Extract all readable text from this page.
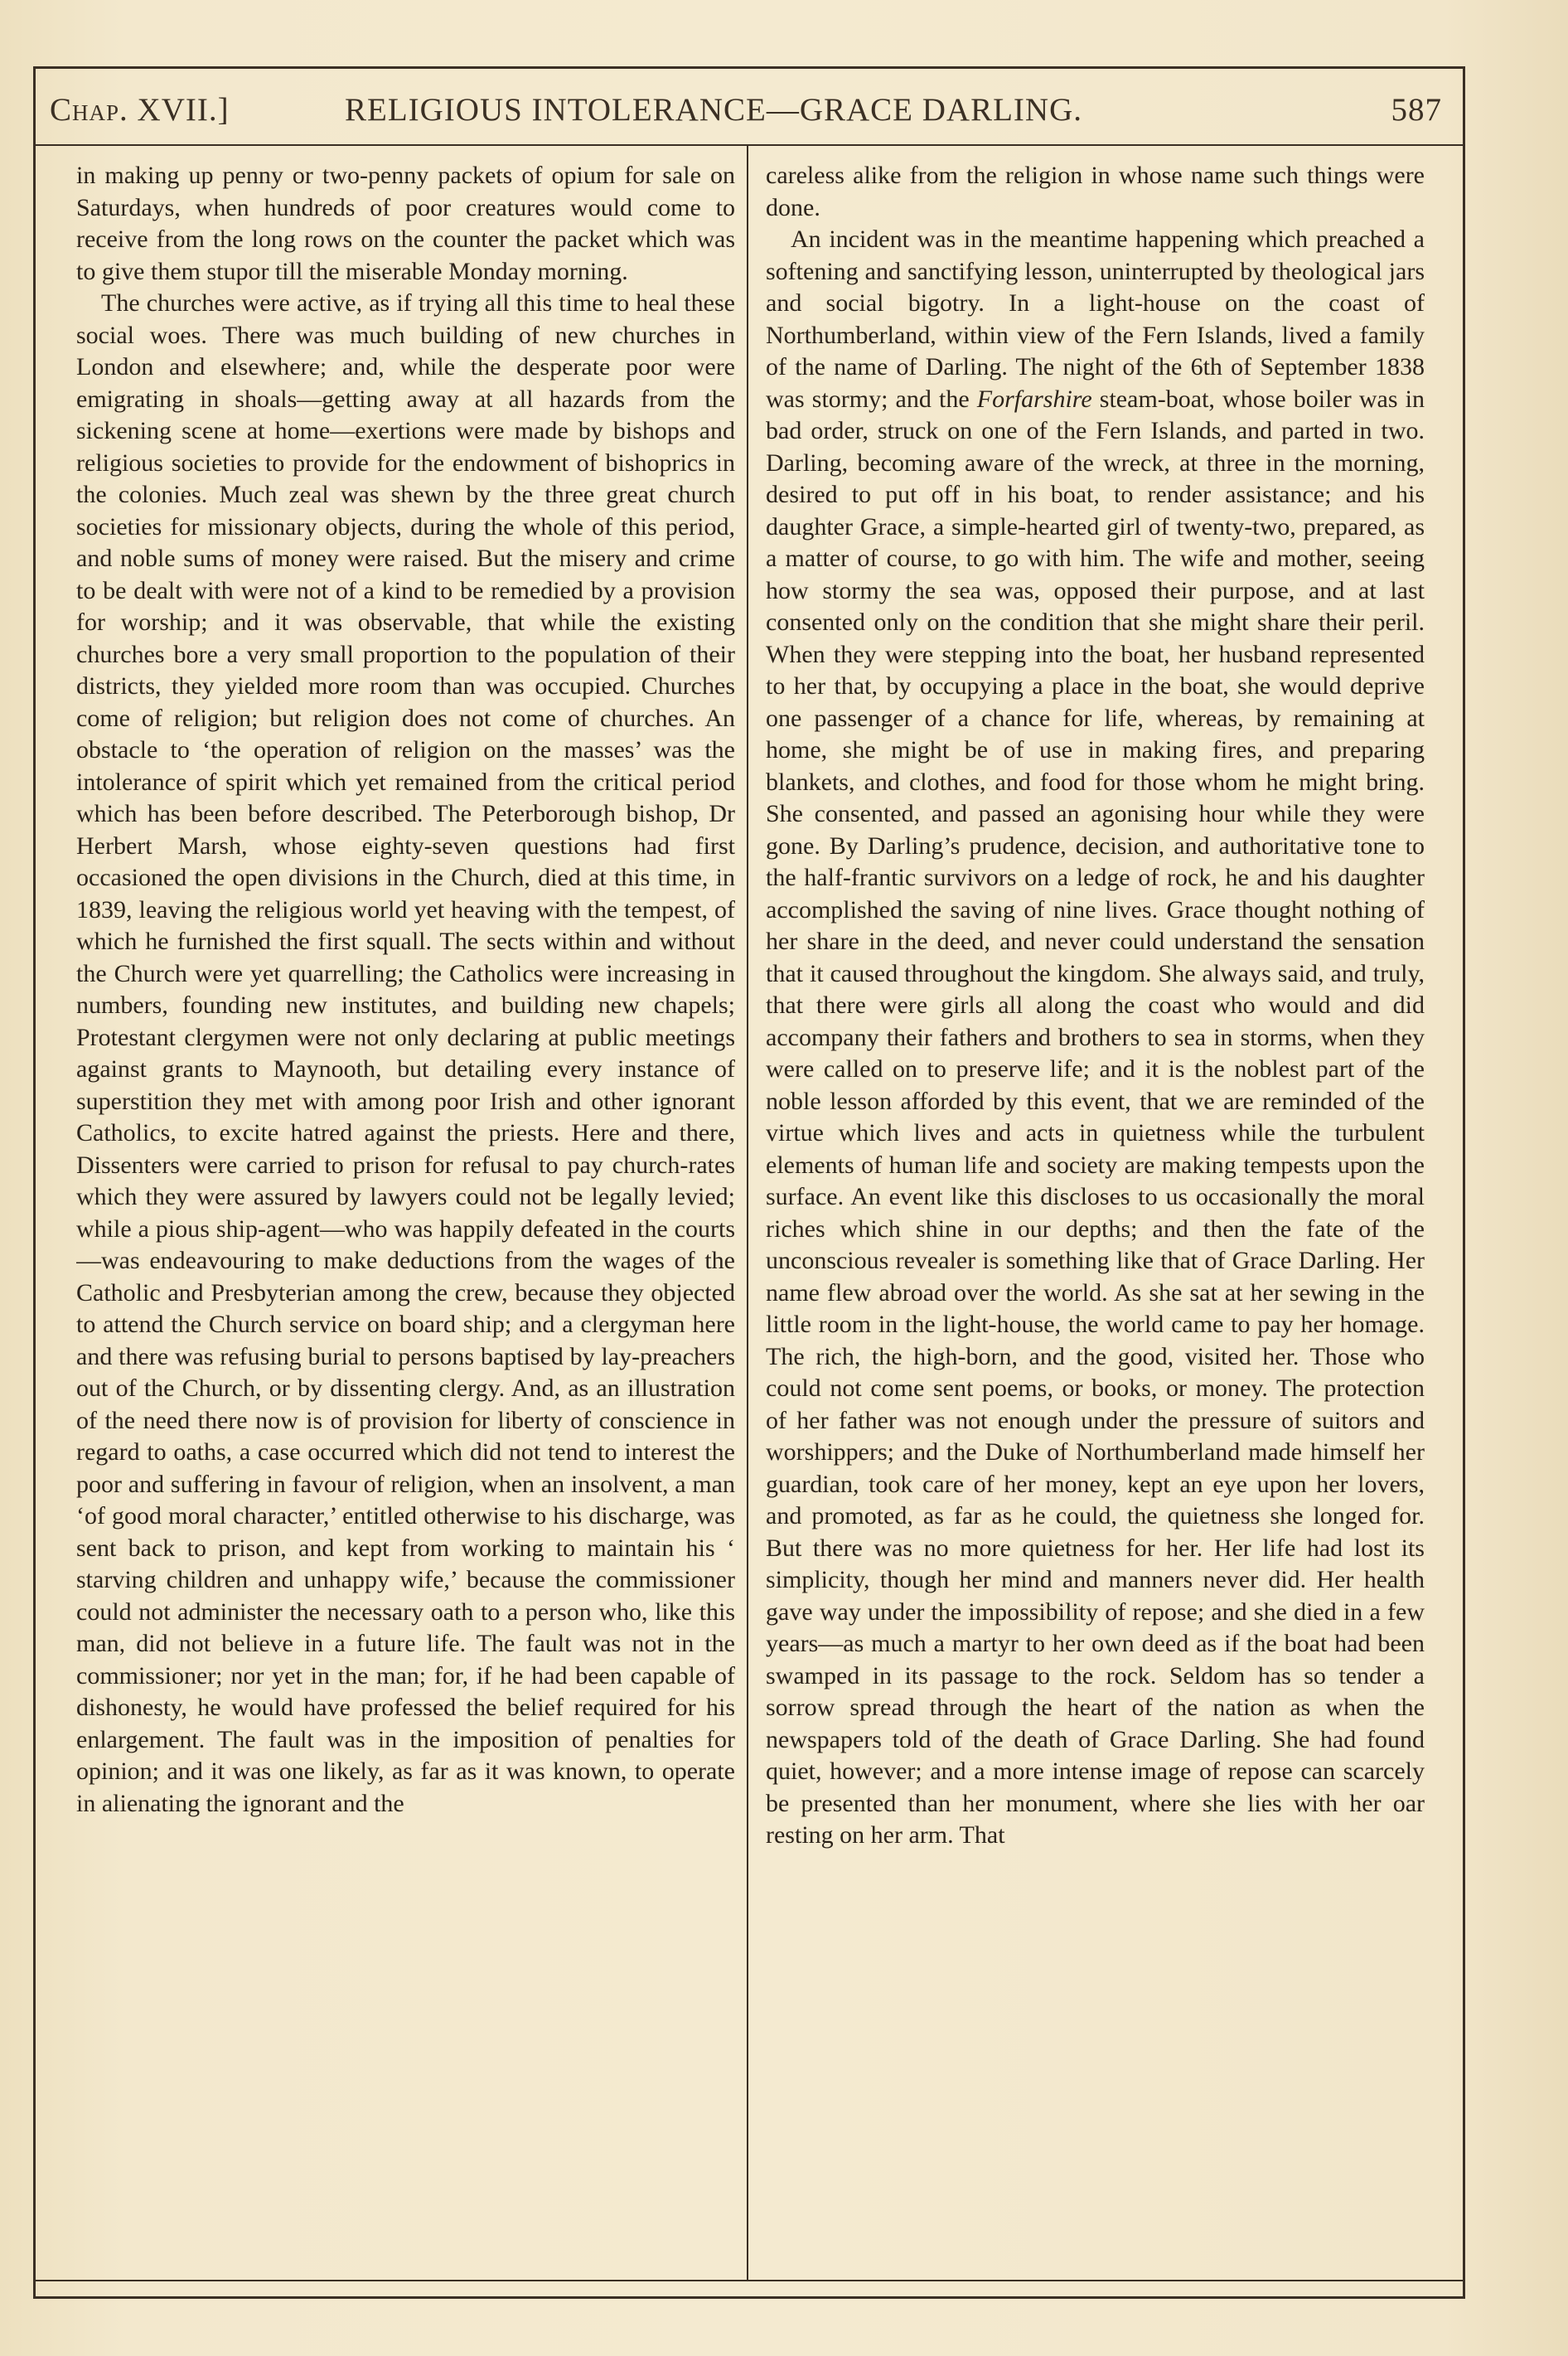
Chap. XVII.]	RELIGIOUS INTOLERANCE—GRACE DARLING.	587

in making up penny or two-penny packets of opium for sale on Saturdays, when hundreds of poor creatures would come to receive from the long rows on the counter the packet which was to give them stupor till the miserable Monday morning.

The churches were active, as if trying all this time to heal these social woes. There was much building of new churches in London and elsewhere; and, while the desperate poor were emigrating in shoals—getting away at all hazards from the sickening scene at home—exertions were made by bishops and religious societies to provide for the endowment of bishoprics in the colonies. Much zeal was shewn by the three great church societies for missionary objects, during the whole of this period, and noble sums of money were raised. But the misery and crime to be dealt with were not of a kind to be remedied by a provision for worship; and it was observable, that while the existing churches bore a very small proportion to the population of their districts, they yielded more room than was occupied. Churches come of religion; but religion does not come of churches. An obstacle to ‘the operation of religion on the masses’ was the intolerance of spirit which yet remained from the critical period which has been before described. The Peterborough bishop, Dr Herbert Marsh, whose eighty-seven questions had first occasioned the open divisions in the Church, died at this time, in 1839, leaving the religious world yet heaving with the tempest, of which he furnished the first squall. The sects within and without the Church were yet quarrelling; the Catholics were increasing in numbers, founding new institutes, and building new chapels; Protestant clergymen were not only declaring at public meetings against grants to Maynooth, but detailing every instance of superstition they met with among poor Irish and other ignorant Catholics, to excite hatred against the priests. Here and there, Dissenters were carried to prison for refusal to pay church-rates which they were assured by lawyers could not be legally levied; while a pious ship-agent—who was happily defeated in the courts—was endeavouring to make deductions from the wages of the Catholic and Presbyterian among the crew, because they objected to attend the Church service on board ship; and a clergyman here and there was refusing burial to persons baptised by lay-preachers out of the Church, or by dissenting clergy. And, as an illustration of the need there now is of provision for liberty of conscience in regard to oaths, a case occurred which did not tend to interest the poor and suffering in favour of religion, when an insolvent, a man ‘of good moral character,’ entitled otherwise to his discharge, was sent back to prison, and kept from working to maintain his ‘ starving children and unhappy wife,’ because the commissioner could not administer the necessary oath to a person who, like this man, did not believe in a future life. The fault was not in the commissioner; nor yet in the man; for, if he had been capable of dishonesty, he would have professed the belief required for his enlargement. The fault was in the imposition of penalties for opinion; and it was one likely, as far as it was known, to operate in alienating the ignorant and the

careless alike from the religion in whose name such things were done.

An incident was in the meantime happening which preached a softening and sanctifying lesson, uninterrupted by theological jars and social bigotry. In a light-house on the coast of Northumberland, within view of the Fern Islands, lived a family of the name of Darling. The night of the 6th of September 1838 was stormy; and the Forfarshire steam-boat, whose boiler was in bad order, struck on one of the Fern Islands, and parted in two. Darling, becoming aware of the wreck, at three in the morning, desired to put off in his boat, to render assistance; and his daughter Grace, a simple-hearted girl of twenty-two, prepared, as a matter of course, to go with him. The wife and mother, seeing how stormy the sea was, opposed their purpose, and at last consented only on the condition that she might share their peril. When they were stepping into the boat, her husband represented to her that, by occupying a place in the boat, she would deprive one passenger of a chance for life, whereas, by remaining at home, she might be of use in making fires, and preparing blankets, and clothes, and food for those whom he might bring. She consented, and passed an agonising hour while they were gone. By Darling’s prudence, decision, and authoritative tone to the half-frantic survivors on a ledge of rock, he and his daughter accomplished the saving of nine lives. Grace thought nothing of her share in the deed, and never could understand the sensation that it caused throughout the kingdom. She always said, and truly, that there were girls all along the coast who would and did accompany their fathers and brothers to sea in storms, when they were called on to preserve life; and it is the noblest part of the noble lesson afforded by this event, that we are reminded of the virtue which lives and acts in quietness while the turbulent elements of human life and society are making tempests upon the surface. An event like this discloses to us occasionally the moral riches which shine in our depths; and then the fate of the unconscious revealer is something like that of Grace Darling. Her name flew abroad over the world. As she sat at her sewing in the little room in the light-house, the world came to pay her homage. The rich, the high-born, and the good, visited her. Those who could not come sent poems, or books, or money. The protection of her father was not enough under the pressure of suitors and worshippers; and the Duke of Northumberland made himself her guardian, took care of her money, kept an eye upon her lovers, and promoted, as far as he could, the quietness she longed for. But there was no more quietness for her. Her life had lost its simplicity, though her mind and manners never did. Her health gave way under the impossibility of repose; and she died in a few years—as much a martyr to her own deed as if the boat had been swamped in its passage to the rock. Seldom has so tender a sorrow spread through the heart of the nation as when the newspapers told of the death of Grace Darling. She had found quiet, however; and a more intense image of repose can scarcely be presented than her monument, where she lies with her oar resting on her arm. That
